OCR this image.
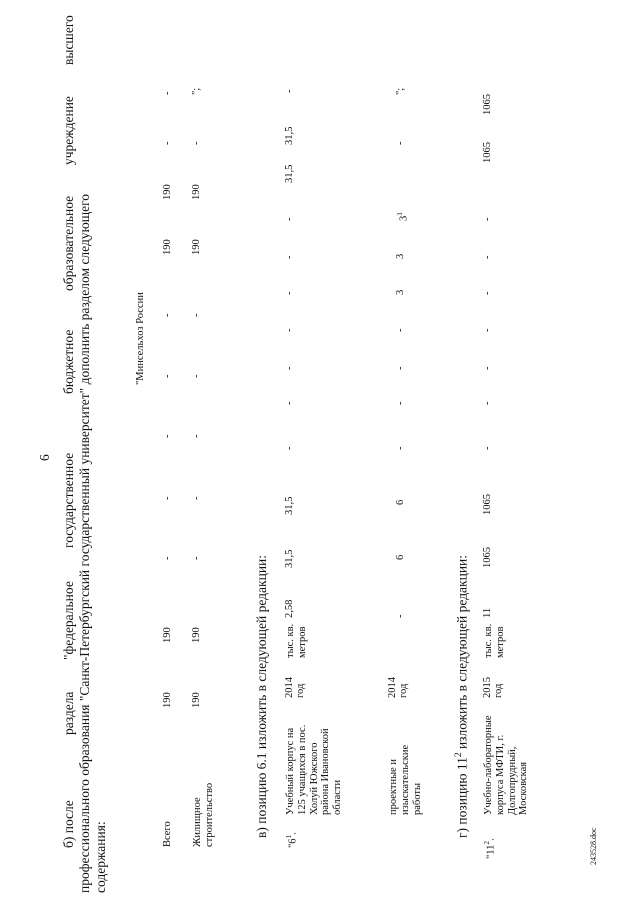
6
б) после
раздела
"федеральное
государственное
бюджетное
образовательное
учреждение
высшего
профессионального образования "Санкт-Петербургский государственный университет" дополнить разделом следующего содержания:
"Минсельхоз России
Всего
190
190
-
-
-
-
-
190
190
-
-
Жилищное строительство
190
190
-
-
-
-
-
190
190
-
";
в) позицию 6.1 изложить в следующей редакции:
"$6^1$.
Учебный корпус на 125 учащихся в пос. Холуй Южского района Ивановской области
2014 год
тыс. кв. метров
2,58
31,5
31,5
-
-
-
-
-
-
-
31,5
31,5
-
проектные и изыскательские работы
2014 год
-
6
6
-
-
-
-
3
3
$3^1$
-
";
г) позицию $11^2$ изложить в следующей редакции:
"$11^2$.
Учебно-лабораторные корпуса МФТИ, г. Долгопрудный, Московская
2015 год
тыс. кв. метров
11
1065
1065
-
-
-
-
-
-
-
1065
1065
243528.doc
